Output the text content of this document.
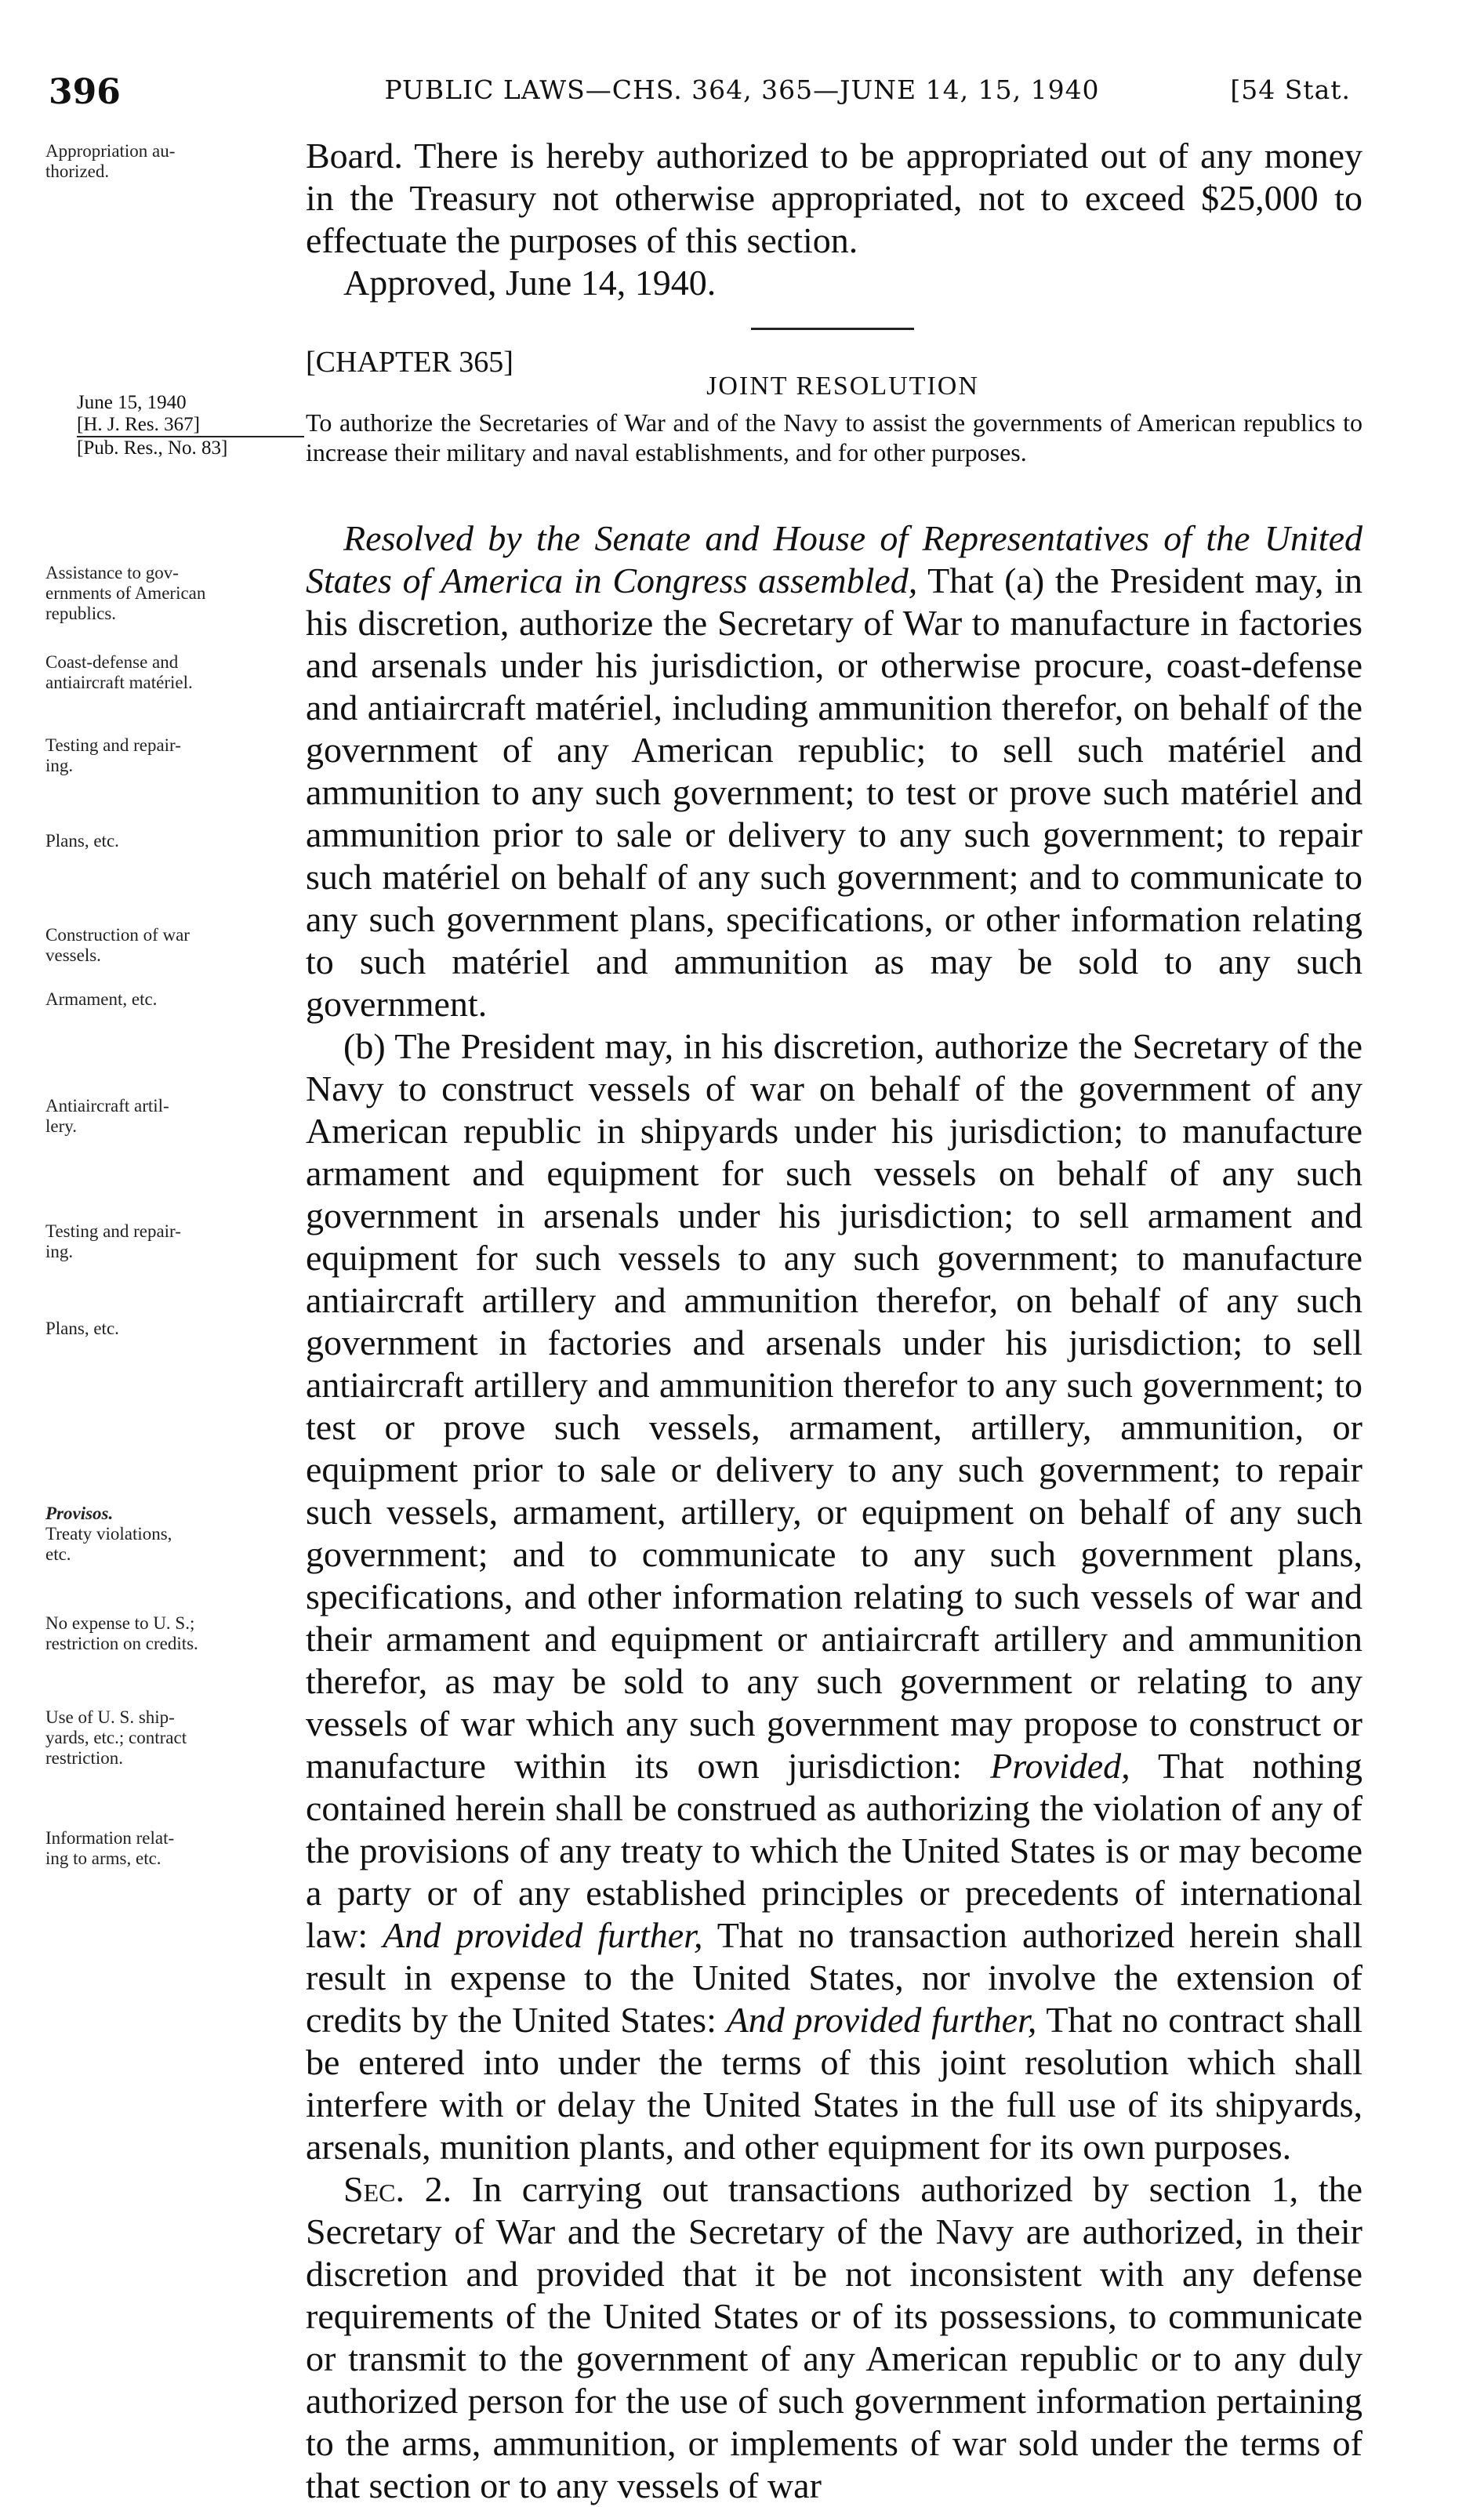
396	PUBLIC LAWS—CHS. 364, 365—JUNE 14, 15, 1940	[54 Stat.

Board. There is hereby authorized to be appropriated out of any money in the Treasury not otherwise appropriated, not to exceed $25,000 to effectuate the purposes of this section.

Approved, June 14, 1940.

[CHAPTER 365]
JOINT RESOLUTION
June 15, 1940
[H. J. Res. 367]
[Pub. Res., No. 83]
To authorize the Secretaries of War and of the Navy to assist the governments of American republics to increase their military and naval establishments, and for other purposes.

Resolved by the Senate and House of Representatives of the United States of America in Congress assembled, That (a) the President may, in his discretion, authorize the Secretary of War to manufacture in factories and arsenals under his jurisdiction, or otherwise procure, coast-defense and antiaircraft matériel, including ammunition therefor, on behalf of the government of any American republic; to sell such matériel and ammunition to any such government; to test or prove such matériel and ammunition prior to sale or delivery to any such government; to repair such matériel on behalf of any such government; and to communicate to any such government plans, specifications, or other information relating to such matériel and ammunition as may be sold to any such government.

(b) The President may, in his discretion, authorize the Secretary of the Navy to construct vessels of war on behalf of the government of any American republic in shipyards under his jurisdiction; to manufacture armament and equipment for such vessels on behalf of any such government in arsenals under his jurisdiction; to sell armament and equipment for such vessels to any such government; to manufacture antiaircraft artillery and ammunition therefor, on behalf of any such government in factories and arsenals under his jurisdiction; to sell antiaircraft artillery and ammunition therefor to any such government; to test or prove such vessels, armament, artillery, ammunition, or equipment prior to sale or delivery to any such government; to repair such vessels, armament, artillery, or equipment on behalf of any such government; and to communicate to any such government plans, specifications, and other information relating to such vessels of war and their armament and equipment or antiaircraft artillery and ammunition therefor, as may be sold to any such government or relating to any vessels of war which any such government may propose to construct or manufacture within its own jurisdiction: Provided, That nothing contained herein shall be construed as authorizing the violation of any of the provisions of any treaty to which the United States is or may become a party or of any established principles or precedents of international law: And provided further, That no transaction authorized herein shall result in expense to the United States, nor involve the extension of credits by the United States: And provided further, That no contract shall be entered into under the terms of this joint resolution which shall interfere with or delay the United States in the full use of its shipyards, arsenals, munition plants, and other equipment for its own purposes.

Sec. 2. In carrying out transactions authorized by section 1, the Secretary of War and the Secretary of the Navy are authorized, in their discretion and provided that it be not inconsistent with any defense requirements of the United States or of its possessions, to communicate or transmit to the government of any American republic or to any duly authorized person for the use of such government information pertaining to the arms, ammunition, or implements of war sold under the terms of that section or to any vessels of war

Appropriation au-
thorized.
Assistance to gov-
ernments of American
republics.
Coast-defense and
antiaircraft matériel.
Testing and repair-
ing.
Plans, etc.
Construction of war
vessels.
Armament, etc.
Antiaircraft artil-
lery.
Testing and repair-
ing.
Plans, etc.
Provisos.
Treaty violations,
etc.
No expense to U. S.;
restriction on credits.
Use of U. S. ship-
yards, etc.; contract
restriction.
Information relat-
ing to arms, etc.
